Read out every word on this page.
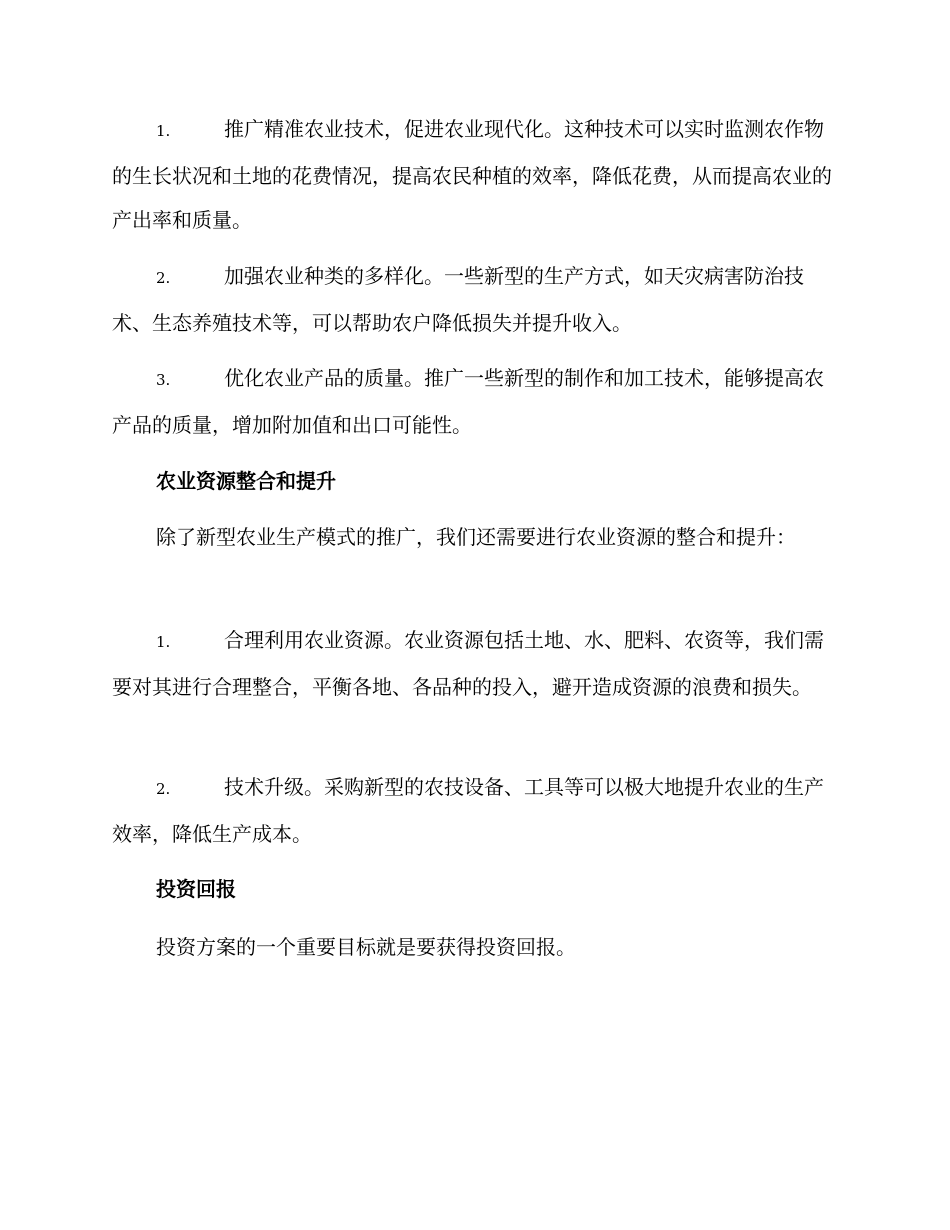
1.	推广精准农业技术，促进农业现代化。这种技术可以实时监测农作物的生长状况和土地的花费情况，提高农民种植的效率，降低花费，从而提高农业的产出率和质量。

2.	加强农业种类的多样化。一些新型的生产方式，如天灾病害防治技术、生态养殖技术等，可以帮助农户降低损失并提升收入。

3.	优化农业产品的质量。推广一些新型的制作和加工技术，能够提高农产品的质量，增加附加值和出口可能性。

农业资源整合和提升

除了新型农业生产模式的推广，我们还需要进行农业资源的整合和提升：

1.	合理利用农业资源。农业资源包括土地、水、肥料、农资等，我们需要对其进行合理整合，平衡各地、各品种的投入，避开造成资源的浪费和损失。

2.	技术升级。采购新型的农技设备、工具等可以极大地提升农业的生产效率，降低生产成本。

投资回报

投资方案的一个重要目标就是要获得投资回报。
